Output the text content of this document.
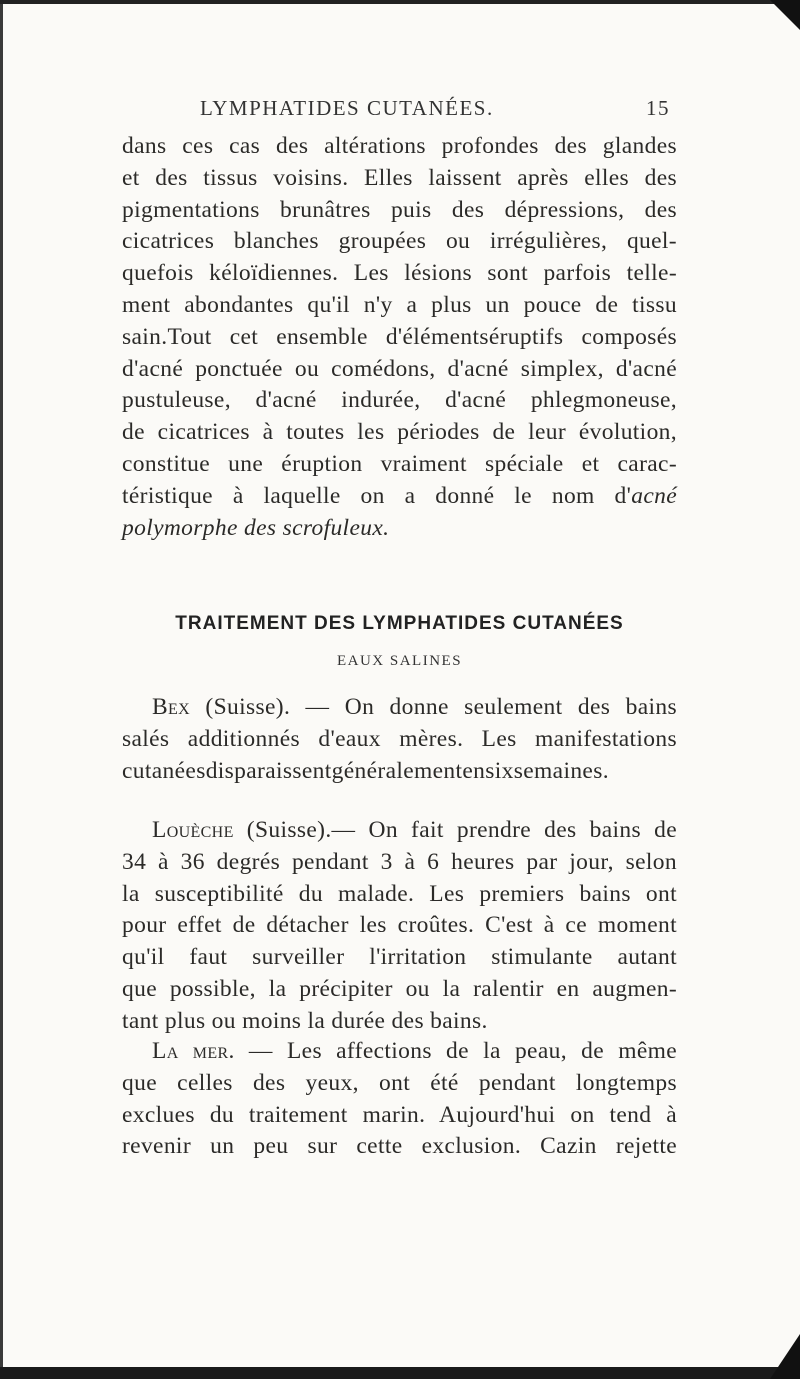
LYMPHATIDES CUTANÉES.	15
dans ces cas des altérations profondes des glandes
et des tissus voisins. Elles laissent après elles des
pigmentations brunâtres puis des dépressions, des
cicatrices blanches groupées ou irrégulières, quel-
quefois kéloïdiennes. Les lésions sont parfois telle-
ment abondantes qu'il n'y a plus un pouce de tissu
sain.Tout cet ensemble d'élémentséruptifs composés
d'acné ponctuée ou comédons, d'acné simplex, d'acné
pustuleuse, d'acné indurée, d'acné phlegmoneuse,
de cicatrices à toutes les périodes de leur évolution,
constitue une éruption vraiment spéciale et carac-
téristique à laquelle on a donné le nom d'acné
polymorphe des scrofuleux.
TRAITEMENT DES LYMPHATIDES CUTANÉES
EAUX SALINES
Bex (Suisse). — On donne seulement des bains
salés additionnés d'eaux mères. Les manifestations
cutanéesdisparaissentgénéralementensixsemaines.
Louèche (Suisse).— On fait prendre des bains de
34 à 36 degrés pendant 3 à 6 heures par jour, selon
la susceptibilité du malade. Les premiers bains ont
pour effet de détacher les croûtes. C'est à ce moment
qu'il faut surveiller l'irritation stimulante autant
que possible, la précipiter ou la ralentir en augmen-
tant plus ou moins la durée des bains.
La mer. — Les affections de la peau, de même
que celles des yeux, ont été pendant longtemps
exclues du traitement marin. Aujourd'hui on tend à
revenir un peu sur cette exclusion. Cazin rejette
